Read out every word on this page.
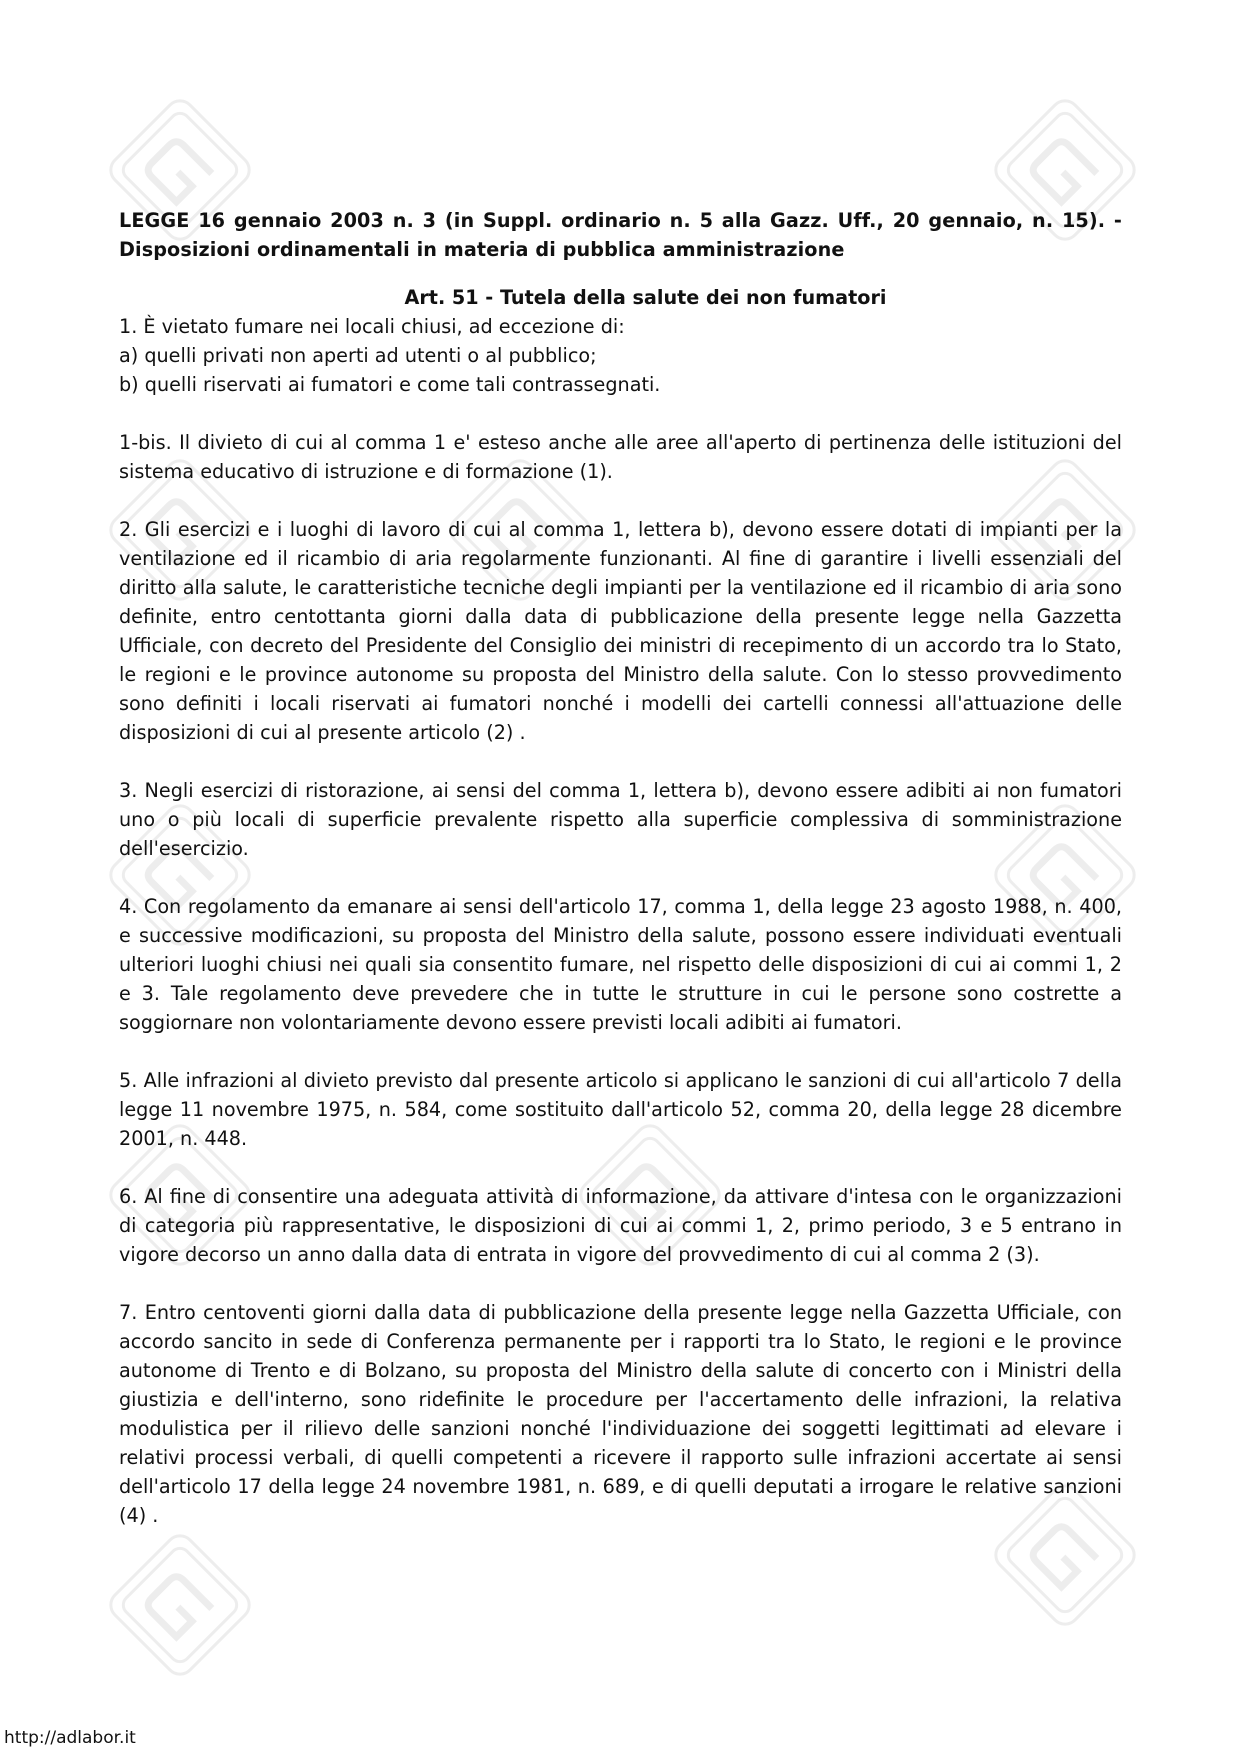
LEGGE 16 gennaio 2003 n. 3 (in Suppl. ordinario n. 5 alla Gazz. Uff., 20 gennaio, n. 15). - Disposizioni ordinamentali in materia di pubblica amministrazione

Art. 51 - Tutela della salute dei non fumatori

1. È vietato fumare nei locali chiusi, ad eccezione di:
a) quelli privati non aperti ad utenti o al pubblico;
b) quelli riservati ai fumatori e come tali contrassegnati.

1-bis. Il divieto di cui al comma 1 e' esteso anche alle aree all'aperto di pertinenza delle istituzioni del sistema educativo di istruzione e di formazione (1).

2. Gli esercizi e i luoghi di lavoro di cui al comma 1, lettera b), devono essere dotati di impianti per la ventilazione ed il ricambio di aria regolarmente funzionanti. Al fine di garantire i livelli essenziali del diritto alla salute, le caratteristiche tecniche degli impianti per la ventilazione ed il ricambio di aria sono definite, entro centottanta giorni dalla data di pubblicazione della presente legge nella Gazzetta Ufficiale, con decreto del Presidente del Consiglio dei ministri di recepimento di un accordo tra lo Stato, le regioni e le province autonome su proposta del Ministro della salute. Con lo stesso provvedimento sono definiti i locali riservati ai fumatori nonché i modelli dei cartelli connessi all'attuazione delle disposizioni di cui al presente articolo (2) .

3. Negli esercizi di ristorazione, ai sensi del comma 1, lettera b), devono essere adibiti ai non fumatori uno o più locali di superficie prevalente rispetto alla superficie complessiva di somministrazione dell'esercizio.

4. Con regolamento da emanare ai sensi dell'articolo 17, comma 1, della legge 23 agosto 1988, n. 400, e successive modificazioni, su proposta del Ministro della salute, possono essere individuati eventuali ulteriori luoghi chiusi nei quali sia consentito fumare, nel rispetto delle disposizioni di cui ai commi 1, 2 e 3. Tale regolamento deve prevedere che in tutte le strutture in cui le persone sono costrette a soggiornare non volontariamente devono essere previsti locali adibiti ai fumatori.

5. Alle infrazioni al divieto previsto dal presente articolo si applicano le sanzioni di cui all'articolo 7 della legge 11 novembre 1975, n. 584, come sostituito dall'articolo 52, comma 20, della legge 28 dicembre 2001, n. 448.

6. Al fine di consentire una adeguata attività di informazione, da attivare d'intesa con le organizzazioni di categoria più rappresentative, le disposizioni di cui ai commi 1, 2, primo periodo, 3 e 5 entrano in vigore decorso un anno dalla data di entrata in vigore del provvedimento di cui al comma 2 (3).

7. Entro centoventi giorni dalla data di pubblicazione della presente legge nella Gazzetta Ufficiale, con accordo sancito in sede di Conferenza permanente per i rapporti tra lo Stato, le regioni e le province autonome di Trento e di Bolzano, su proposta del Ministro della salute di concerto con i Ministri della giustizia e dell'interno, sono ridefinite le procedure per l'accertamento delle infrazioni, la relativa modulistica per il rilievo delle sanzioni nonché l'individuazione dei soggetti legittimati ad elevare i relativi processi verbali, di quelli competenti a ricevere il rapporto sulle infrazioni accertate ai sensi dell'articolo 17 della legge 24 novembre 1981, n. 689, e di quelli deputati a irrogare le relative sanzioni (4) .

http://adlabor.it
